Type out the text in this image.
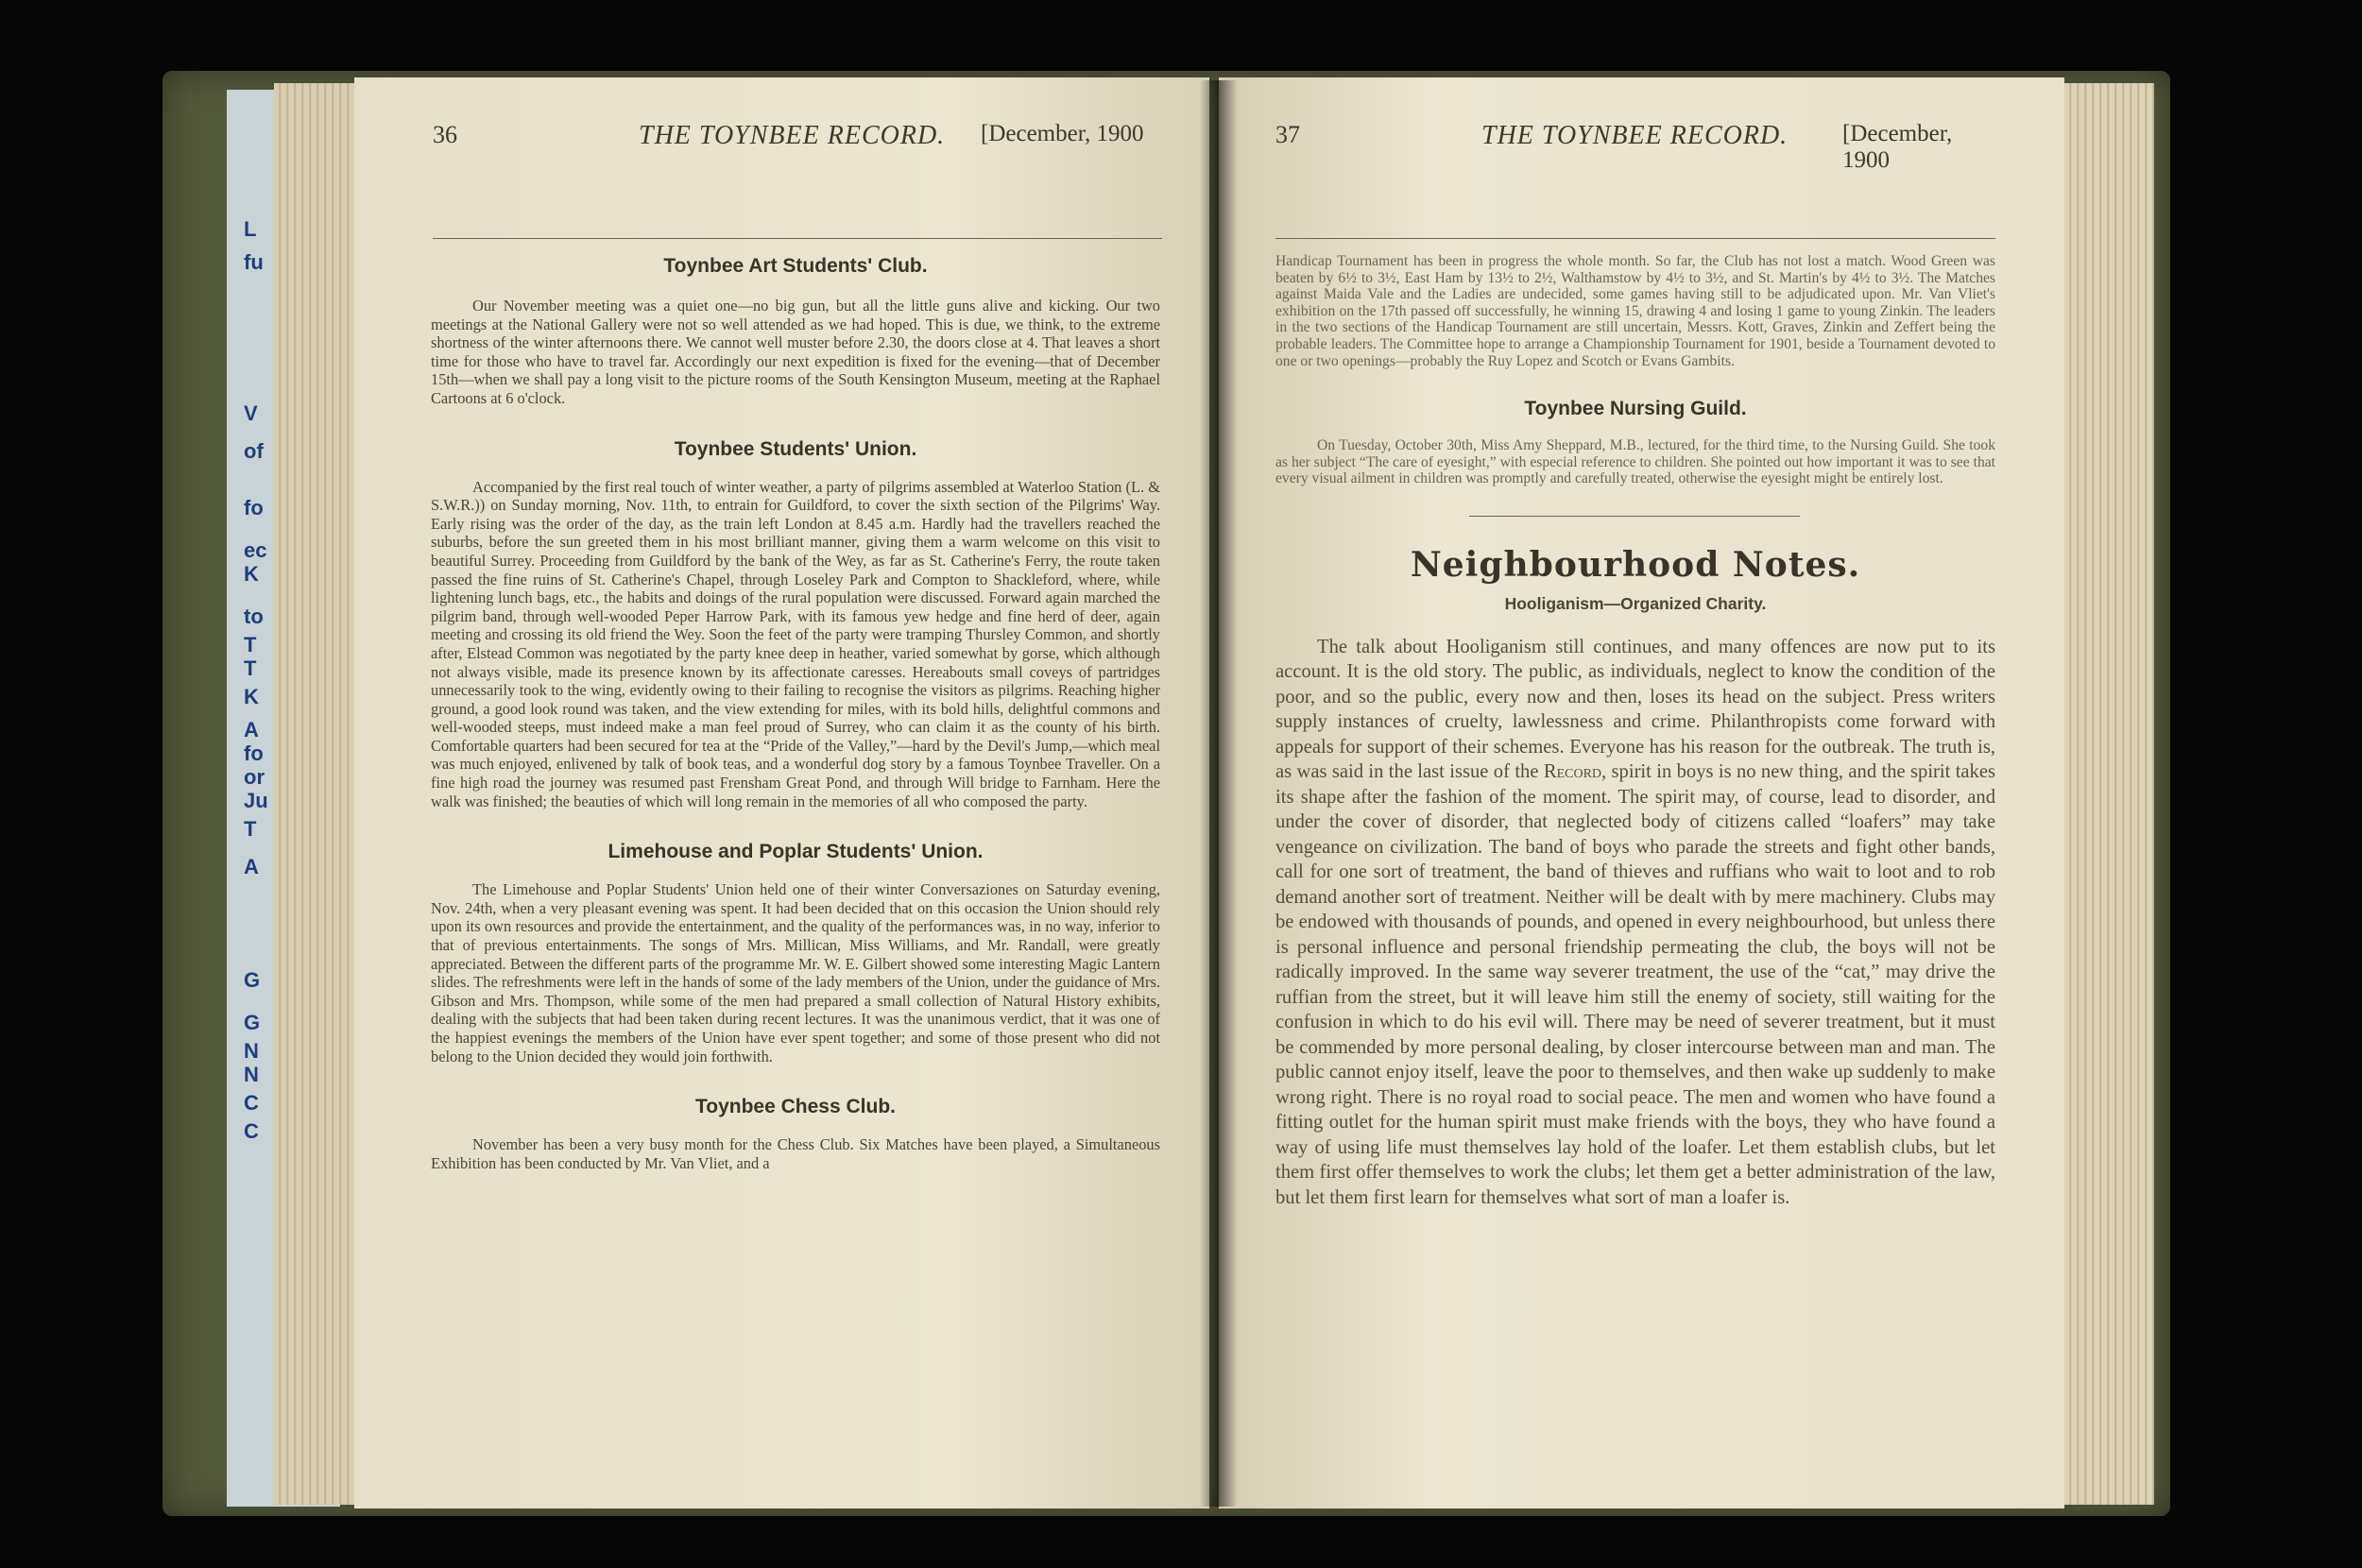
L
fu
V
of
fo
ec
K
to
T
T
K
A
fo
or
Ju
T
A
G
G
N
N
C
C
36	THE TOYNBEE RECORD. [December, 1900
Toynbee Art Students' Club.

Our November meeting was a quiet one—no big gun, but all the little guns alive and kicking. Our two meetings at the National Gallery were not so well attended as we had hoped. This is due, we think, to the extreme shortness of the winter afternoons there. We cannot well muster before 2.30, the doors close at 4. That leaves a short time for those who have to travel far. Accordingly our next expedition is fixed for the evening—that of December 15th—when we shall pay a long visit to the picture rooms of the South Kensington Museum, meeting at the Raphael Cartoons at 6 o'clock.

Toynbee Students' Union.

Accompanied by the first real touch of winter weather, a party of pilgrims assembled at Waterloo Station (L. & S.W.R.)) on Sunday morning, Nov. 11th, to entrain for Guildford, to cover the sixth section of the Pilgrims' Way. Early rising was the order of the day, as the train left London at 8.45 a.m. Hardly had the travellers reached the suburbs, before the sun greeted them in his most brilliant manner, giving them a warm welcome on this visit to beautiful Surrey. Proceeding from Guildford by the bank of the Wey, as far as St. Catherine's Ferry, the route taken passed the fine ruins of St. Catherine's Chapel, through Loseley Park and Compton to Shackleford, where, while lightening lunch bags, etc., the habits and doings of the rural population were discussed. Forward again marched the pilgrim band, through well-wooded Peper Harrow Park, with its famous yew hedge and fine herd of deer, again meeting and crossing its old friend the Wey. Soon the feet of the party were tramping Thursley Common, and shortly after, Elstead Common was negotiated by the party knee deep in heather, varied somewhat by gorse, which although not always visible, made its presence known by its affectionate caresses. Hereabouts small coveys of partridges unnecessarily took to the wing, evidently owing to their failing to recognise the visitors as pilgrims. Reaching higher ground, a good look round was taken, and the view extending for miles, with its bold hills, delightful commons and well-wooded steeps, must indeed make a man feel proud of Surrey, who can claim it as the county of his birth. Comfortable quarters had been secured for tea at the “Pride of the Valley,”—hard by the Devil's Jump,—which meal was much enjoyed, enlivened by talk of book teas, and a wonderful dog story by a famous Toynbee Traveller. On a fine high road the journey was resumed past Frensham Great Pond, and through Will bridge to Farnham. Here the walk was finished; the beauties of which will long remain in the memories of all who composed the party.

Limehouse and Poplar Students' Union.

The Limehouse and Poplar Students' Union held one of their winter Conversaziones on Saturday evening, Nov. 24th, when a very pleasant evening was spent. It had been decided that on this occasion the Union should rely upon its own resources and provide the entertainment, and the quality of the performances was, in no way, inferior to that of previous entertainments. The songs of Mrs. Millican, Miss Williams, and Mr. Randall, were greatly appreciated. Between the different parts of the programme Mr. W. E. Gilbert showed some interesting Magic Lantern slides. The refreshments were left in the hands of some of the lady members of the Union, under the guidance of Mrs. Gibson and Mrs. Thompson, while some of the men had prepared a small collection of Natural History exhibits, dealing with the subjects that had been taken during recent lectures. It was the unanimous verdict, that it was one of the happiest evenings the members of the Union have ever spent together; and some of those present who did not belong to the Union decided they would join forthwith.

Toynbee Chess Club.

November has been a very busy month for the Chess Club. Six Matches have been played, a Simultaneous Exhibition has been conducted by Mr. Van Vliet, and a

37	THE TOYNBEE RECORD. [December, 1900

Handicap Tournament has been in progress the whole month. So far, the Club has not lost a match. Wood Green was beaten by 6½ to 3½, East Ham by 13½ to 2½, Walthamstow by 4½ to 3½, and St. Martin's by 4½ to 3½. The Matches against Maida Vale and the Ladies are undecided, some games having still to be adjudicated upon. Mr. Van Vliet's exhibition on the 17th passed off successfully, he winning 15, drawing 4 and losing 1 game to young Zinkin. The leaders in the two sections of the Handicap Tournament are still uncertain, Messrs. Kott, Graves, Zinkin and Zeffert being the probable leaders. The Committee hope to arrange a Championship Tournament for 1901, beside a Tournament devoted to one or two openings—probably the Ruy Lopez and Scotch or Evans Gambits.

Toynbee Nursing Guild.

On Tuesday, October 30th, Miss Amy Sheppard, M.B., lectured, for the third time, to the Nursing Guild. She took as her subject “The care of eyesight,” with especial reference to children. She pointed out how important it was to see that every visual ailment in children was promptly and carefully treated, otherwise the eyesight might be entirely lost.

Neighbourhood Notes.

Hooliganism—Organized Charity.

The talk about Hooliganism still continues, and many offences are now put to its account. It is the old story. The public, as individuals, neglect to know the condition of the poor, and so the public, every now and then, loses its head on the subject. Press writers supply instances of cruelty, lawlessness and crime. Philanthropists come forward with appeals for support of their schemes. Everyone has his reason for the outbreak. The truth is, as was said in the last issue of the Record, spirit in boys is no new thing, and the spirit takes its shape after the fashion of the moment. The spirit may, of course, lead to disorder, and under the cover of disorder, that neglected body of citizens called “loafers” may take vengeance on civilization. The band of boys who parade the streets and fight other bands, call for one sort of treatment, the band of thieves and ruffians who wait to loot and to rob demand another sort of treatment. Neither will be dealt with by mere machinery. Clubs may be endowed with thousands of pounds, and opened in every neighbourhood, but unless there is personal influence and personal friendship permeating the club, the boys will not be radically improved. In the same way severer treatment, the use of the “cat,” may drive the ruffian from the street, but it will leave him still the enemy of society, still waiting for the confusion in which to do his evil will. There may be need of severer treatment, but it must be commended by more personal dealing, by closer intercourse between man and man. The public cannot enjoy itself, leave the poor to themselves, and then wake up suddenly to make wrong right. There is no royal road to social peace. The men and women who have found a fitting outlet for the human spirit must make friends with the boys, they who have found a way of using life must themselves lay hold of the loafer. Let them establish clubs, but let them first offer themselves to work the clubs; let them get a better administration of the law, but let them first learn for themselves what sort of man a loafer is.
